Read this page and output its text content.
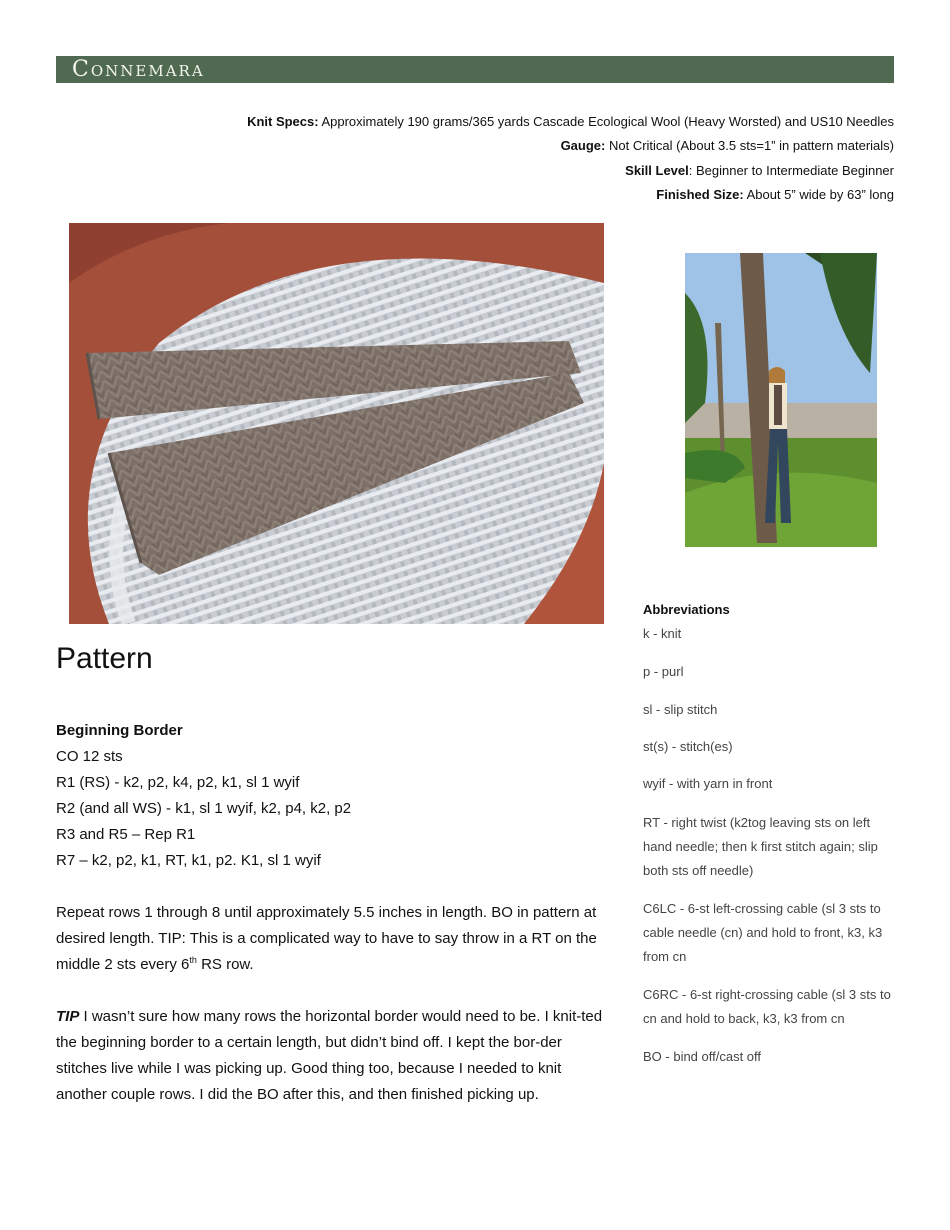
Connemara
Knit Specs: Approximately 190 grams/365 yards Cascade Ecological Wool (Heavy Worsted) and US10 Needles
Gauge: Not Critical (About 3.5 sts=1” in pattern materials)
Skill Level: Beginner to Intermediate Beginner
Finished Size: About 5” wide by 63” long
Pattern
Beginning Border
CO 12 sts
R1 (RS) - k2, p2, k4, p2, k1, sl 1 wyif
R2 (and all WS) - k1, sl 1 wyif, k2, p4, k2, p2
R3 and R5 – Rep R1
R7 – k2, p2, k1, RT, k1, p2. K1, sl 1 wyif
Repeat rows 1 through 8 until approximately 5.5 inches in length. BO in pattern at desired length. TIP: This is a complicated way to have to say throw in a RT on the middle 2 sts every 6th RS row.
TIP I wasn’t sure how many rows the horizontal border would need to be. I knit-ted the beginning border to a certain length, but didn’t bind off. I kept the bor-der stitches live while I was picking up. Good thing too, because I needed to knit another couple rows. I did the BO after this, and then finished picking up.
Abbreviations
k - knit
p - purl
sl - slip stitch
st(s) - stitch(es)
wyif - with yarn in front
RT - right twist (k2tog leaving sts on left hand needle; then k first stitch again; slip both sts off needle)
C6LC - 6-st left-crossing cable (sl 3 sts to cable needle (cn) and hold to front, k3, k3 from cn
C6RC - 6-st right-crossing cable (sl 3 sts to cn and hold to back, k3, k3 from cn
BO - bind off/cast off
